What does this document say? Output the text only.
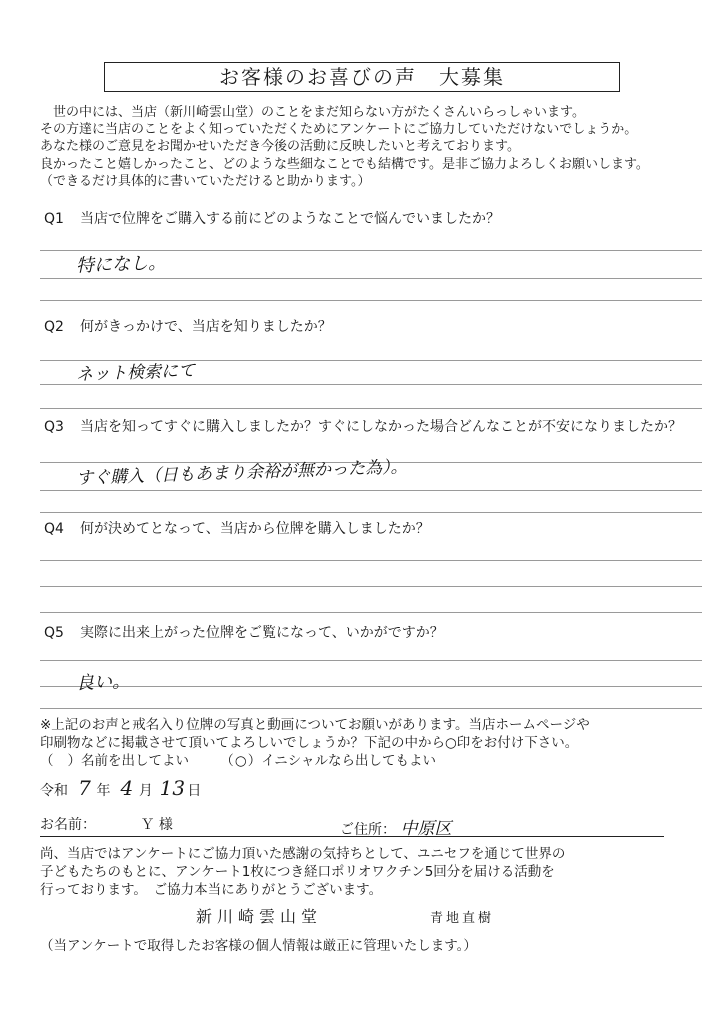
お客様のお喜びの声　大募集
　世の中には、当店（新川崎雲山堂）のことをまだ知らない方がたくさんいらっしゃいます。
その方達に当店のことをよく知っていただくためにアンケートにご協力していただけないでしょうか。
あなた様のご意見をお聞かせいただき今後の活動に反映したいと考えております。
良かったこと嬉しかったこと、どのような些細なことでも結構です。是非ご協力よろしくお願いします。
（できるだけ具体的に書いていただけると助かります。）
Q1 当店で位牌をご購入する前にどのようなことで悩んでいましたか？
特になし。
Q2 何がきっかけで、当店を知りましたか？
ネット検索にて
Q3 当店を知ってすぐに購入しましたか？すぐにしなかった場合どんなことが不安になりましたか？
すぐ購入（日もあまり余裕が無かった為）。
Q4 何が決めてとなって、当店から位牌を購入しましたか？
Q5 実際に出来上がった位牌をご覧になって、いかがですか？
良い。
※上記のお声と戒名入り位牌の写真と動画についてお願いがあります。当店ホームページや
印刷物などに掲載させて頂いてよろしいでしょうか？下記の中から○印をお付け下さい。
（ ）名前を出してよい　　 （○）イニシャルなら出してもよい
令和 7 年 4 月 13 日
お名前：	Ｙ 様	ご住所： 中原区
尚、当店ではアンケートにご協力頂いた感謝の気持ちとして、ユニセフを通じて世界の
子どもたちのもとに、アンケート1枚につき経口ポリオワクチン5回分を届ける活動を
行っております。　ご協力本当にありがとうございます。
新川崎雲山堂	青地直樹
（当アンケートで取得したお客様の個人情報は厳正に管理いたします。）
